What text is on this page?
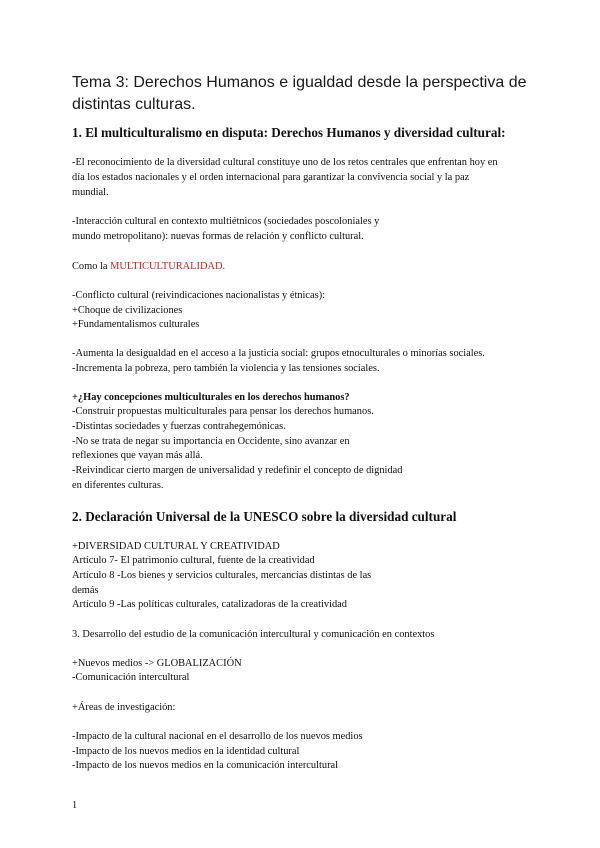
Tema 3: Derechos Humanos e igualdad desde la perspectiva de
distintas culturas.
1. El multiculturalismo en disputa: Derechos Humanos y diversidad cultural:
-El reconocimiento de la diversidad cultural constituye uno de los retos centrales que enfrentan hoy en
día los estados nacionales y el orden internacional para garantizar la convivencia social y la paz
mundial.
-Interacción cultural en contexto multiétnicos (sociedades poscoloniales y
mundo metropolitano): nuevas formas de relación y conflicto cultural.
Como la MULTICULTURALIDAD.
-Conflicto cultural (reivindicaciones nacionalistas y étnicas):
+Choque de civilizaciones
+Fundamentalismos culturales
-Aumenta la desigualdad en el acceso a la justicia social: grupos etnoculturales o minorías sociales.
-Incrementa la pobreza, pero también la violencia y las tensiones sociales.
+¿Hay concepciones multiculturales en los derechos humanos?
-Construir propuestas multiculturales para pensar los derechos humanos.
-Distintas sociedades y fuerzas contrahegemónicas.
-No se trata de negar su importancia en Occidente, sino avanzar en
reflexiones que vayan más allá.
-Reivindicar cierto margen de universalidad y redefinir el concepto de dignidad
en diferentes culturas.
2. Declaración Universal de la UNESCO sobre la diversidad cultural
+DIVERSIDAD CULTURAL Y CREATIVIDAD
Artículo 7- El patrimonio cultural, fuente de la creatividad
Artículo 8 -Los bienes y servicios culturales, mercancías distintas de las
demás
Artículo 9 -Las políticas culturales, catalizadoras de la creatividad
3. Desarrollo del estudio de la comunicación intercultural y comunicación en contextos
+Nuevos medios -> GLOBALIZACIÓN
-Comunicación intercultural
+Áreas de investigación:
-Impacto de la cultural nacional en el desarrollo de los nuevos medios
-Impacto de los nuevos medios en la identidad cultural
-Impacto de los nuevos medios en la comunicación intercultural
1
